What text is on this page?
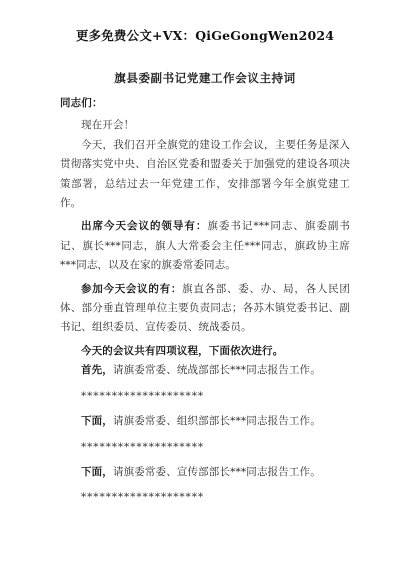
更多免费公文+VX：QiGeGongWen2024
旗县委副书记党建工作会议主持词

同志们：

现在开会！

今天，我们召开全旗党的建设工作会议，主要任务是深入贯彻落实党中央、自治区党委和盟委关于加强党的建设各项决策部署，总结过去一年党建工作，安排部署今年全旗党建工作。

出席今天会议的领导有：旗委书记***同志、旗委副书记、旗长***同志，旗人大常委会主任***同志，旗政协主席***同志，以及在家的旗委常委同志。

参加今天会议的有：旗直各部、委、办、局，各人民团体、部分垂直管理单位主要负责同志；各苏木镇党委书记、副书记、组织委员、宣传委员、统战委员。

今天的会议共有四项议程，下面依次进行。

首先，请旗委常委、统战部部长***同志报告工作。

********************

下面，请旗委常委、组织部部长***同志报告工作。

********************

下面，请旗委常委、宣传部部长***同志报告工作。

********************
